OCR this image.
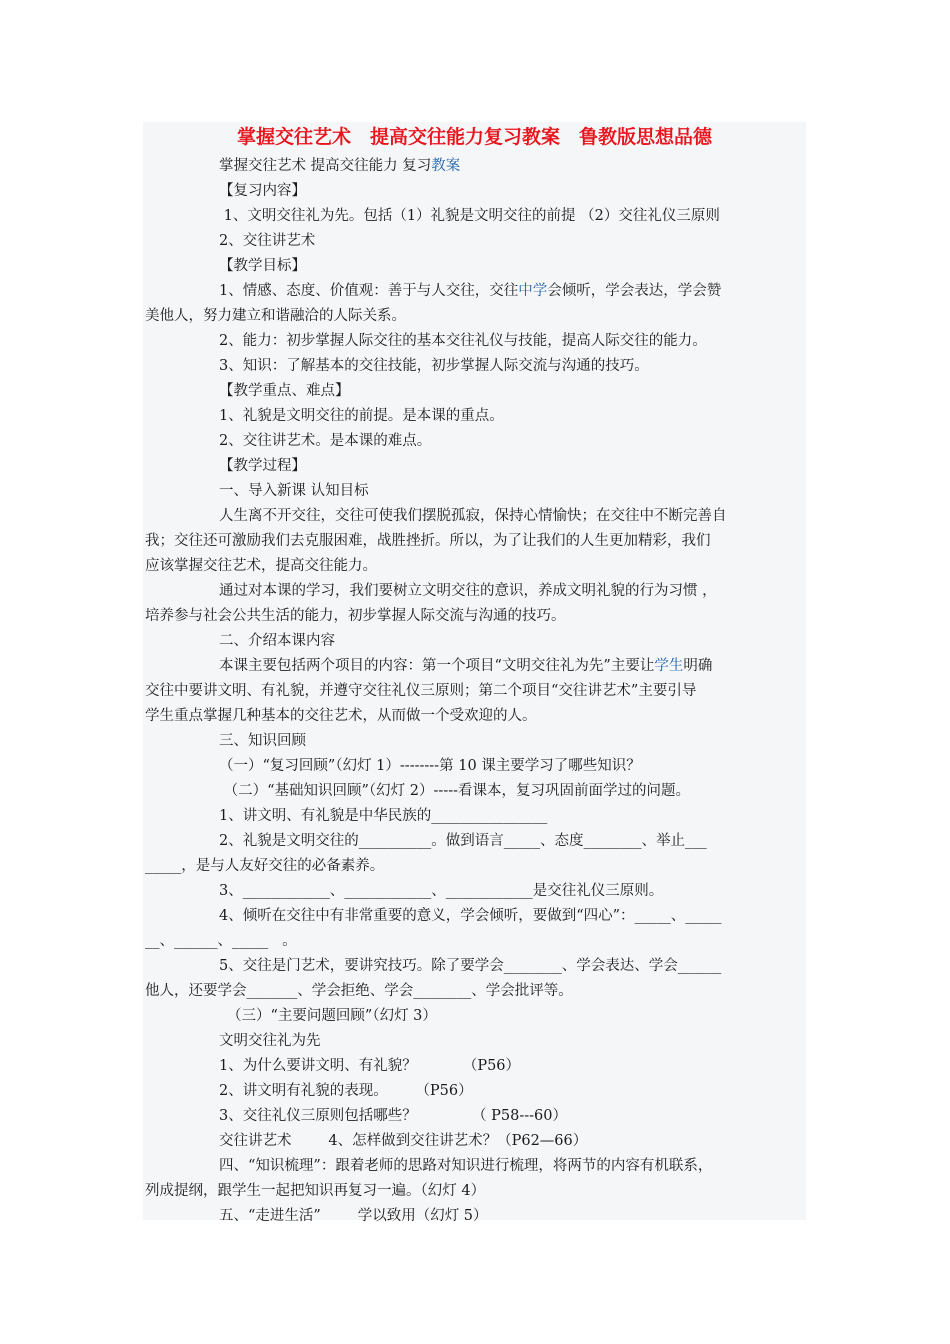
掌握交往艺术　提高交往能力复习教案　鲁教版思想品德
掌握交往艺术 提高交往能力 复习教案
【复习内容】
1、文明交往礼为先。包括（1）礼貌是文明交往的前提 （2）交往礼仪三原则
2、交往讲艺术
【教学目标】
1、情感、态度、价值观：善于与人交往，交往中学会倾听，学会表达，学会赞
美他人，努力建立和谐融洽的人际关系。
2、能力：初步掌握人际交往的基本交往礼仪与技能，提高人际交往的能力。
3、知识：了解基本的交往技能，初步掌握人际交流与沟通的技巧。
【教学重点、难点】
1、礼貌是文明交往的前提。是本课的重点。
2、交往讲艺术。是本课的难点。
【教学过程】
一、导入新课 认知目标
人生离不开交往，交往可使我们摆脱孤寂，保持心情愉快；在交往中不断完善自
我；交往还可激励我们去克服困难，战胜挫折。所以，为了让我们的人生更加精彩，我们
应该掌握交往艺术，提高交往能力。
通过对本课的学习，我们要树立文明交往的意识，养成文明礼貌的行为习惯 ，
培养参与社会公共生活的能力，初步掌握人际交流与沟通的技巧。
二、介绍本课内容
本课主要包括两个项目的内容：第一个项目“文明交往礼为先”主要让学生明确
交往中要讲文明、有礼貌，并遵守交往礼仪三原则；第二个项目“交往讲艺术”主要引导
学生重点掌握几种基本的交往艺术，从而做一个受欢迎的人。
三、知识回顾
（一）“复习回顾”（幻灯 1）--------第 10 课主要学习了哪些知识？
（二）“基础知识回顾”（幻灯 2）-----看课本，复习巩固前面学过的问题。
1、讲文明、有礼貌是中华民族的________________
2、礼貌是文明交往的__________。做到语言_____、态度________、举止___
_____，是与人友好交往的必备素养。
3、____________、____________、____________是交往礼仪三原则。
4、倾听在交往中有非常重要的意义，学会倾听，要做到“四心”：_____、_____
__、______、_____   。
5、交往是门艺术，要讲究技巧。除了要学会________、学会表达、学会______
他人，还要学会_______、学会拒绝、学会________、学会批评等。
（三）“主要问题回顾”（幻灯 3）
文明交往礼为先
1、为什么要讲文明、有礼貌？          （P56）
2、讲文明有礼貌的表现。      （P56）
3、交往礼仪三原则包括哪些？            （ P58---60）
交往讲艺术        4、怎样做到交往讲艺术？（P62—66）
四、“知识梳理”：跟着老师的思路对知识进行梳理，将两节的内容有机联系，
列成提纲，跟学生一起把知识再复习一遍。（幻灯 4）
五、“走进生活”        学以致用（幻灯 5）
